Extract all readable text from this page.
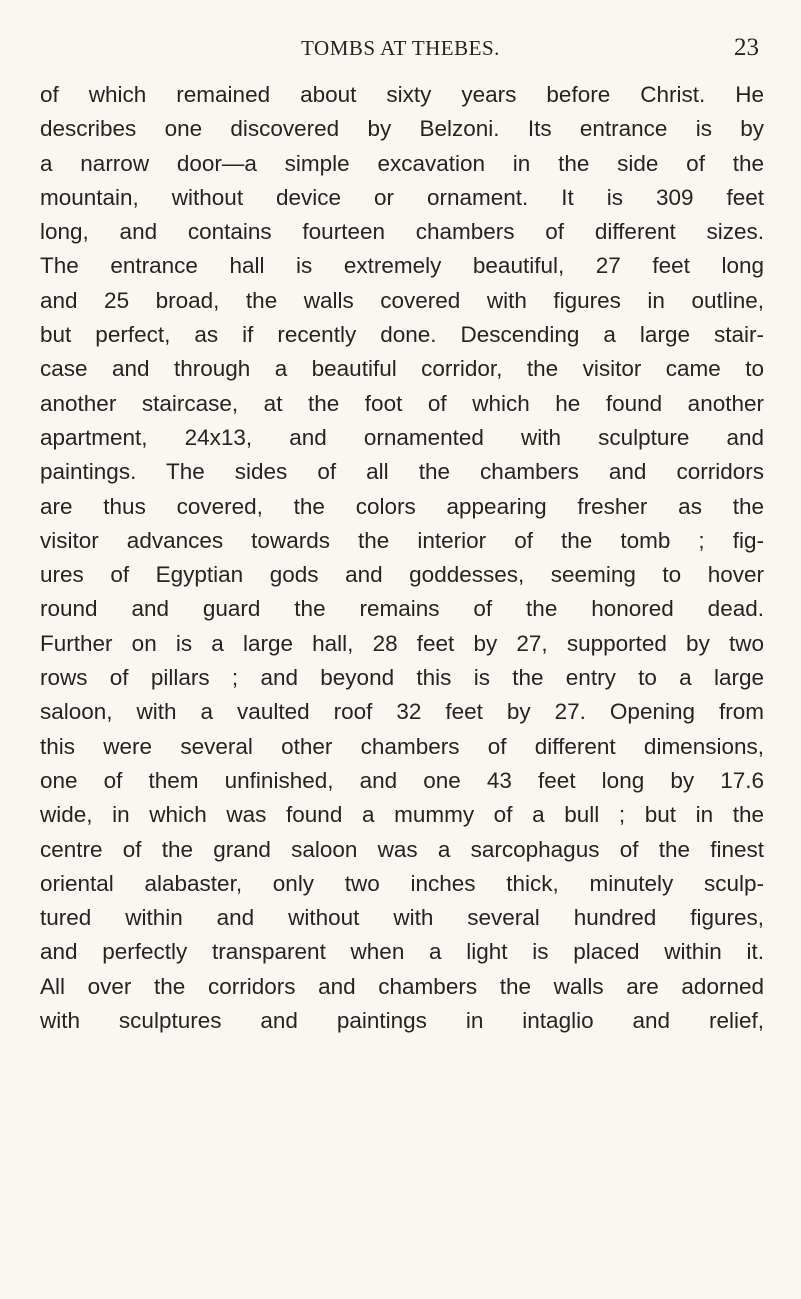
TOMBS AT THEBES.	23
of which remained about sixty years before Christ. He
describes one discovered by Belzoni. Its entrance is by
a narrow door—a simple excavation in the side of the
mountain, without device or ornament. It is 309 feet
long, and contains fourteen chambers of different sizes.
The entrance hall is extremely beautiful, 27 feet long
and 25 broad, the walls covered with figures in outline,
but perfect, as if recently done. Descending a large stair-
case and through a beautiful corridor, the visitor came to
another staircase, at the foot of which he found another
apartment, 24x13, and ornamented with sculpture and
paintings. The sides of all the chambers and corridors
are thus covered, the colors appearing fresher as the
visitor advances towards the interior of the tomb ; fig-
ures of Egyptian gods and goddesses, seeming to hover
round and guard the remains of the honored dead.
Further on is a large hall, 28 feet by 27, supported by two
rows of pillars ; and beyond this is the entry to a large
saloon, with a vaulted roof 32 feet by 27. Opening from
this were several other chambers of different dimensions,
one of them unfinished, and one 43 feet long by 17.6
wide, in which was found a mummy of a bull ; but in the
centre of the grand saloon was a sarcophagus of the finest
oriental alabaster, only two inches thick, minutely sculp-
tured within and without with several hundred figures,
and perfectly transparent when a light is placed within it.
All over the corridors and chambers the walls are adorned
with sculptures and paintings in intaglio and relief,
